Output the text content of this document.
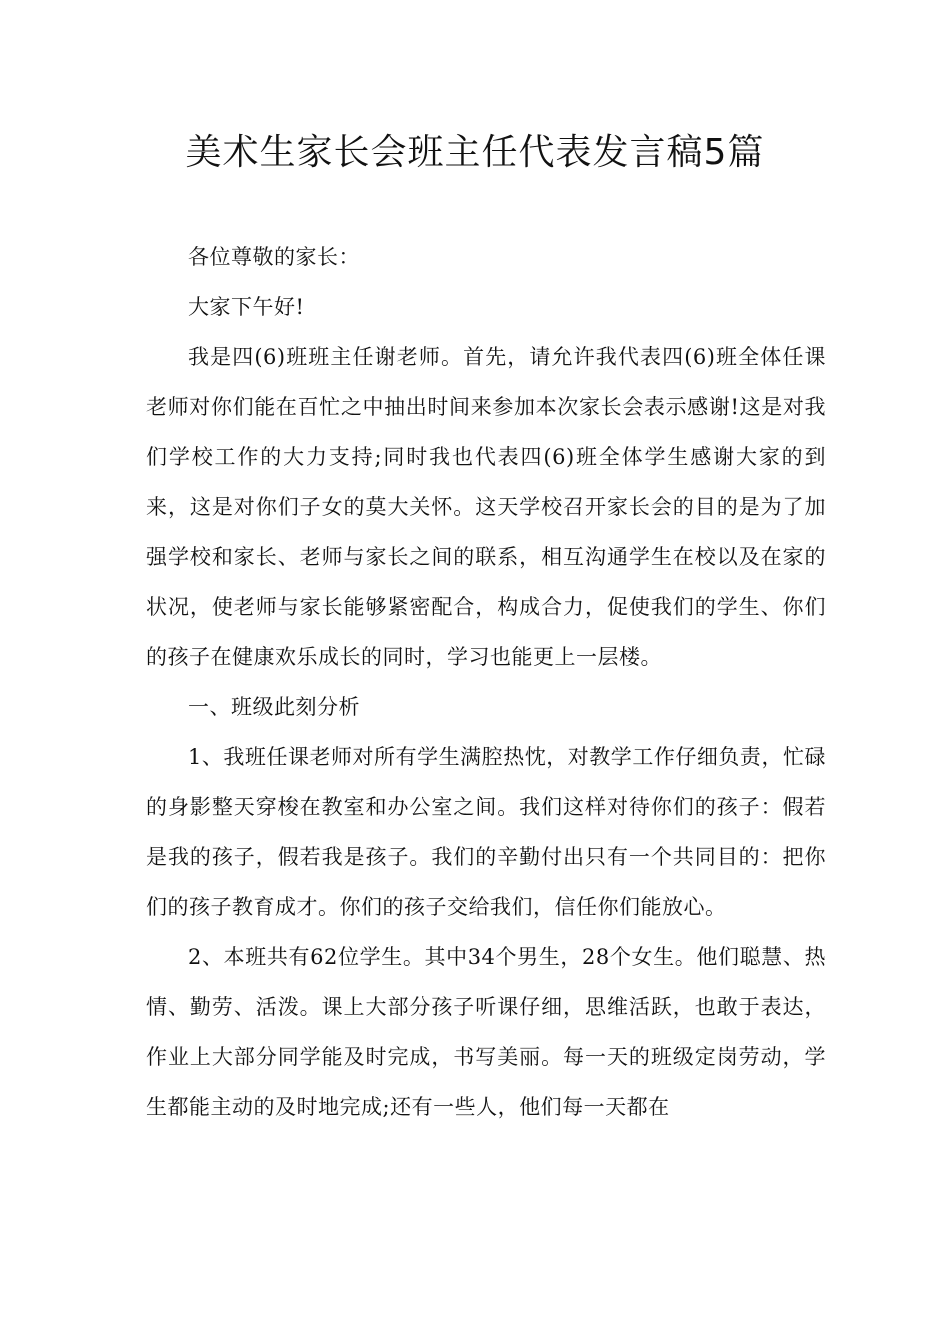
美术生家长会班主任代表发言稿5篇

各位尊敬的家长：

大家下午好!

我是四(6)班班主任谢老师。首先，请允许我代表四(6)班全体任课老师对你们能在百忙之中抽出时间来参加本次家长会表示感谢!这是对我们学校工作的大力支持;同时我也代表四(6)班全体学生感谢大家的到来，这是对你们子女的莫大关怀。这天学校召开家长会的目的是为了加强学校和家长、老师与家长之间的联系，相互沟通学生在校以及在家的状况，使老师与家长能够紧密配合，构成合力，促使我们的学生、你们的孩子在健康欢乐成长的同时，学习也能更上一层楼。

一、班级此刻分析

1、我班任课老师对所有学生满腔热忱，对教学工作仔细负责，忙碌的身影整天穿梭在教室和办公室之间。我们这样对待你们的孩子：假若是我的孩子，假若我是孩子。我们的辛勤付出只有一个共同目的：把你们的孩子教育成才。你们的孩子交给我们，信任你们能放心。

2、本班共有62位学生。其中34个男生，28个女生。他们聪慧、热情、勤劳、活泼。课上大部分孩子听课仔细，思维活跃，也敢于表达，作业上大部分同学能及时完成，书写美丽。每一天的班级定岗劳动，学生都能主动的及时地完成;还有一些人，他们每一天都在
